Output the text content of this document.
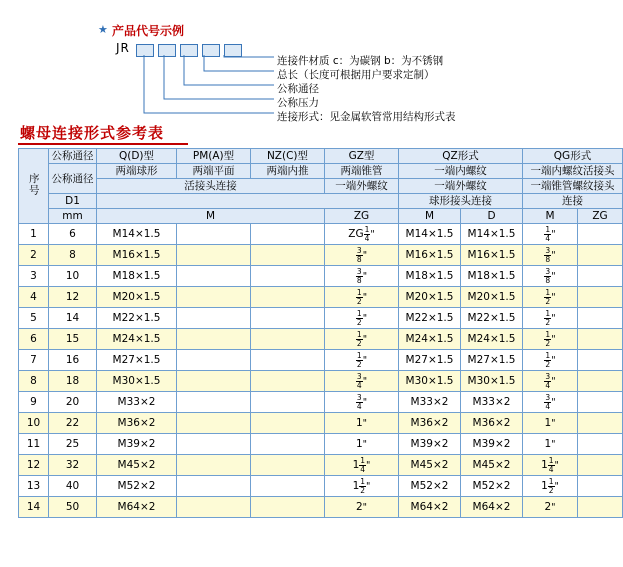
★ 产品代号示例
JR
连接件材质 c：为碳钢 b：为不锈钢
总长（长度可根据用户要求定制）
公称通径
公称压力
连接形式：见金属软管常用结构形式表
螺母连接形式参考表
序号	公称通径	Q(D)型	PM(A)型	NZ(C)型	GZ型	QZ形式		QG形式	
	公称通径	两端球形	两端平面	两端内推	两端锥管	一端内螺纹		一端内螺纹活接头	
		活接头连接			一端外螺纹	一端外螺纹		一端锥管螺纹接头	
	D1					球形接头连接		连接	
	mm	M			ZG	M	D	M	ZG
1	6	M14×1.5			ZG $\frac{1}{4}$ "	M14×1.5	M14×1.5	$\frac{1}{4}$ "	
2	8	M16×1.5			$\frac{3}{8}$ "	M16×1.5	M16×1.5	$\frac{3}{8}$ "	
3	10	M18×1.5			$\frac{3}{8}$ "	M18×1.5	M18×1.5	$\frac{3}{8}$ "	
4	12	M20×1.5			$\frac{1}{2}$ "	M20×1.5	M20×1.5	$\frac{1}{2}$ "	
5	14	M22×1.5			$\frac{1}{2}$ "	M22×1.5	M22×1.5	$\frac{1}{2}$ "	
6	15	M24×1.5			$\frac{1}{2}$ "	M24×1.5	M24×1.5	$\frac{1}{2}$ "	
7	16	M27×1.5			$\frac{1}{2}$ "	M27×1.5	M27×1.5	$\frac{1}{2}$ "	
8	18	M30×1.5			$\frac{3}{4}$ "	M30×1.5	M30×1.5	$\frac{3}{4}$ "	
9	20	M33×2			$\frac{3}{4}$ "	M33×2	M33×2	$\frac{3}{4}$ "	
10	22	M36×2			1"	M36×2	M36×2	1"	
11	25	M39×2			1"	M39×2	M39×2	1"	
12	32	M45×2			$1 \frac{1}{4}$ "	M45×2	M45×2	$1 \frac{1}{4}$ "	
13	40	M52×2			$1 \frac{1}{2}$ "	M52×2	M52×2	$1 \frac{1}{2}$ "	
14	50	M64×2			2"	M64×2	M64×2	2"	
